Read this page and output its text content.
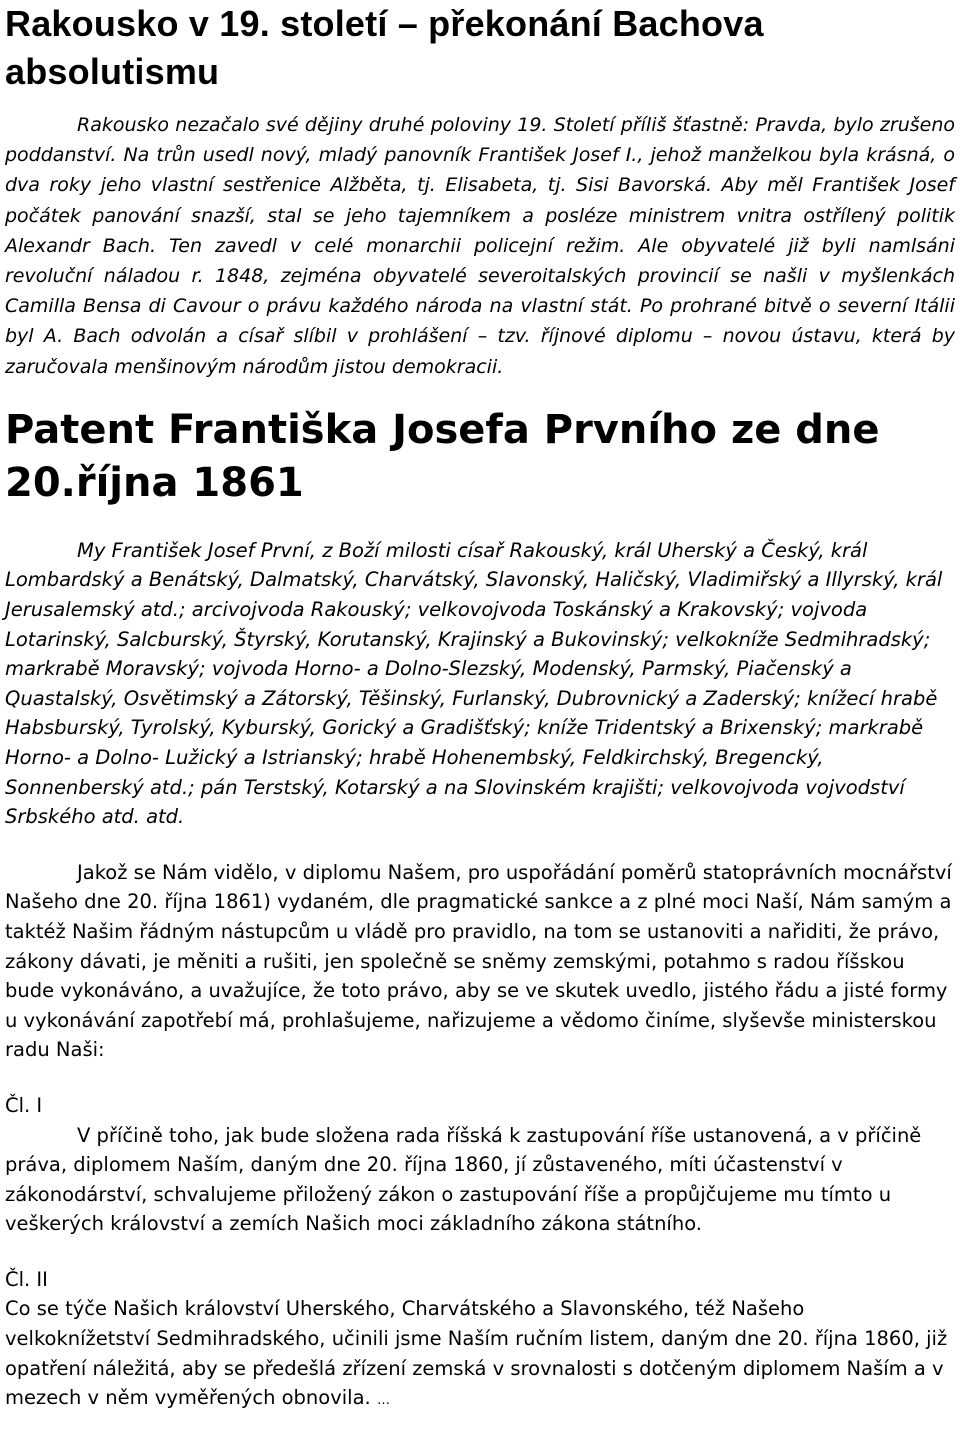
Rakousko v 19. století – překonání Bachova absolutismu

Rakousko nezačalo své dějiny druhé poloviny 19. Století příliš šťastně: Pravda, bylo zrušeno poddanství. Na trůn usedl nový, mladý panovník František Josef I., jehož manželkou byla krásná, o dva roky jeho vlastní sestřenice Alžběta, tj. Elisabeta, tj. Sisi Bavorská. Aby měl František Josef počátek panování snazší, stal se jeho tajemníkem a posléze ministrem vnitra ostřílený politik Alexandr Bach. Ten zavedl v celé monarchii policejní režim. Ale obyvatelé již byli namlsáni revoluční náladou r. 1848, zejména obyvatelé severoitalských provincií se našli v myšlenkách Camilla Bensa di Cavour o právu každého národa na vlastní stát. Po prohrané bitvě o severní Itálii byl A. Bach odvolán a císař slíbil v prohlášení – tzv. říjnové diplomu – novou ústavu, která by zaručovala menšinovým národům jistou demokracii.

Patent Františka Josefa Prvního ze dne 20.října 1861

My František Josef První, z Boží milosti císař Rakouský, král Uherský a Český, král Lombardský a Benátský, Dalmatský, Charvátský, Slavonský, Haličský, Vladimiřský a Illyrský, král Jerusalemský atd.; arcivojvoda Rakouský; velkovojvoda Toskánský a Krakovský; vojvoda Lotarinský, Salcburský, Štyrský, Korutanský, Krajinský a Bukovinský; velkokníže Sedmihradský; markrabě Moravský; vojvoda Horno- a Dolno-Slezský, Modenský, Parmský, Piačenský a Quastalský, Osvětimský a Zátorský, Těšinský, Furlanský, Dubrovnický a Zaderský; knížecí hrabě Habsburský, Tyrolský, Kyburský, Gorický a Gradišťský; kníže Tridentský a Brixenský; markrabě Horno- a Dolno- Lužický a Istrianský; hrabě Hohenembský, Feldkirchský, Bregencký, Sonnenberský atd.; pán Terstský, Kotarský a na Slovinském krajišti; velkovojvoda vojvodství Srbského atd. atd.

Jakož se Nám vidělo, v diplomu Našem, pro uspořádání poměrů statoprávních mocnářství Našeho dne 20. října 1861) vydaném, dle pragmatické sankce a z plné moci Naší, Nám samým a taktéž Našim řádným nástupcům u vládě pro pravidlo, na tom se ustanoviti a nařiditi, že právo, zákony dávati, je měniti a rušiti, jen společně se sněmy zemskými, potahmo s radou říšskou bude vykonáváno, a uvažujíce, že toto právo, aby se ve skutek uvedlo, jistého řádu a jisté formy u vykonávání zapotřebí má, prohlašujeme, nařizujeme a vědomo činíme, slyševše ministerskou radu Naši:

Čl. I

V příčině toho, jak bude složena rada říšská k zastupování říše ustanovená, a v příčině práva, diplomem Naším, daným dne 20. října 1860, jí zůstaveného, míti účastenství v zákonodárství, schvalujeme přiložený zákon o zastupování říše a propůjčujeme mu tímto u veškerých království a zemích Našich moci základního zákona státního.

Čl. II

Co se týče Našich království Uherského, Charvátského a Slavonského, též Našeho velkoknížetství Sedmihradského, učinili jsme Naším ručním listem, daným dne 20. října 1860, již opatření náležitá, aby se předešlá zřízení zemská v srovnalosti s dotčeným diplomem Naším a v mezech v něm vyměřených obnovila. …
